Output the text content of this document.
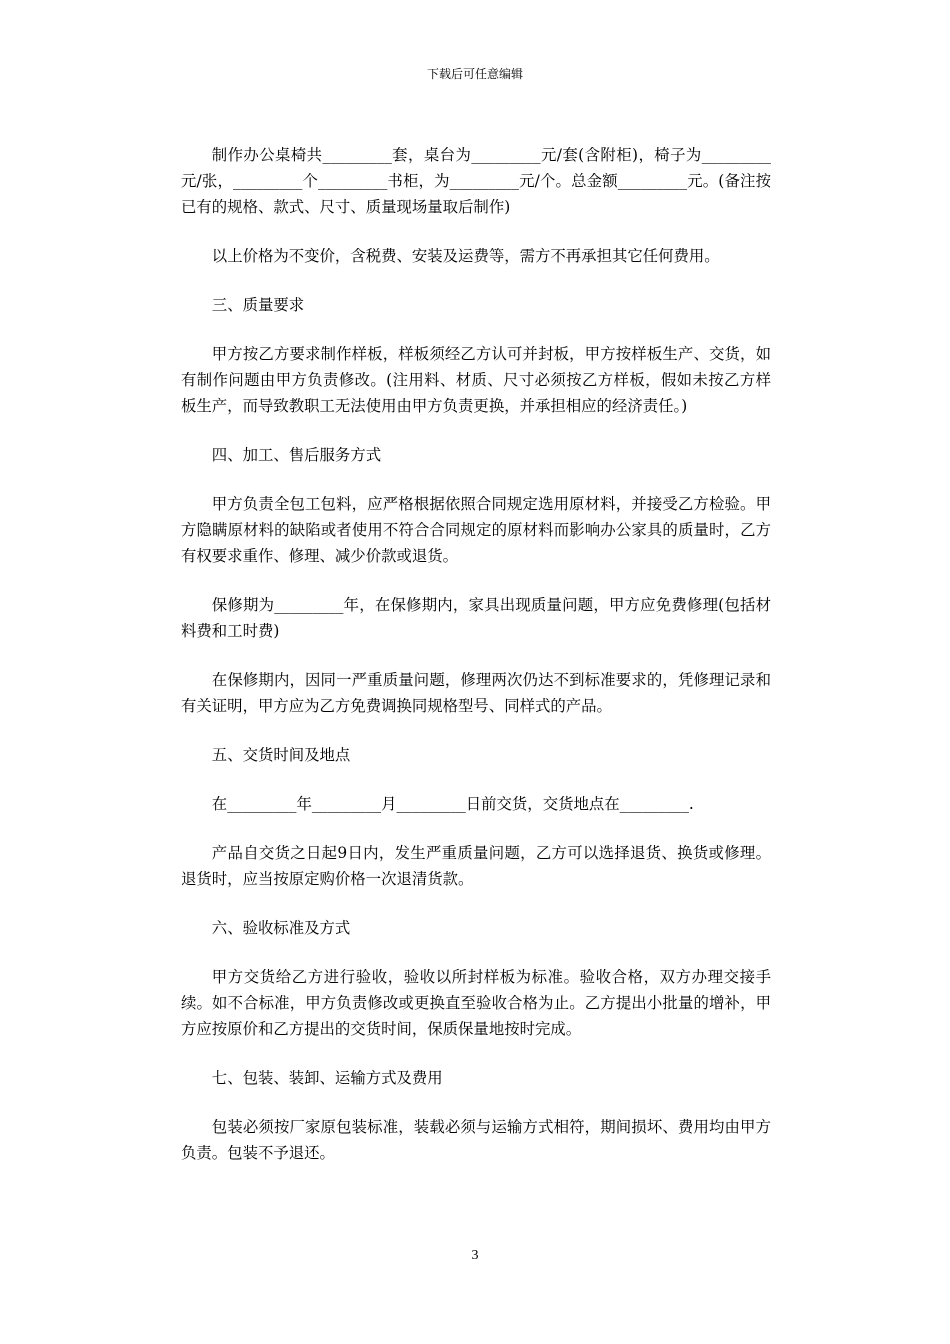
下载后可任意编辑

制作办公桌椅共_________套，桌台为_________元/套(含附柜)，椅子为_________元/张，_________个_________书柜，为_________元/个。总金额_________元。(备注按已有的规格、款式、尺寸、质量现场量取后制作)

以上价格为不变价，含税费、安装及运费等，需方不再承担其它任何费用。

三、质量要求

甲方按乙方要求制作样板，样板须经乙方认可并封板，甲方按样板生产、交货，如有制作问题由甲方负责修改。(注用料、材质、尺寸必须按乙方样板，假如未按乙方样板生产，而导致教职工无法使用由甲方负责更换，并承担相应的经济责任。)

四、加工、售后服务方式

甲方负责全包工包料，应严格根据依照合同规定选用原材料，并接受乙方检验。甲方隐瞒原材料的缺陷或者使用不符合合同规定的原材料而影响办公家具的质量时，乙方有权要求重作、修理、减少价款或退货。

保修期为_________年，在保修期内，家具出现质量问题，甲方应免费修理(包括材料费和工时费)

在保修期内，因同一严重质量问题，修理两次仍达不到标准要求的，凭修理记录和有关证明，甲方应为乙方免费调换同规格型号、同样式的产品。

五、交货时间及地点

在_________年_________月_________日前交货，交货地点在_________.

产品自交货之日起9日内，发生严重质量问题，乙方可以选择退货、换货或修理。退货时，应当按原定购价格一次退清货款。

六、验收标准及方式

甲方交货给乙方进行验收，验收以所封样板为标准。验收合格，双方办理交接手续。如不合标准，甲方负责修改或更换直至验收合格为止。乙方提出小批量的增补，甲方应按原价和乙方提出的交货时间，保质保量地按时完成。

七、包装、装卸、运输方式及费用

包装必须按厂家原包装标准，装载必须与运输方式相符，期间损坏、费用均由甲方负责。包装不予退还。

3
